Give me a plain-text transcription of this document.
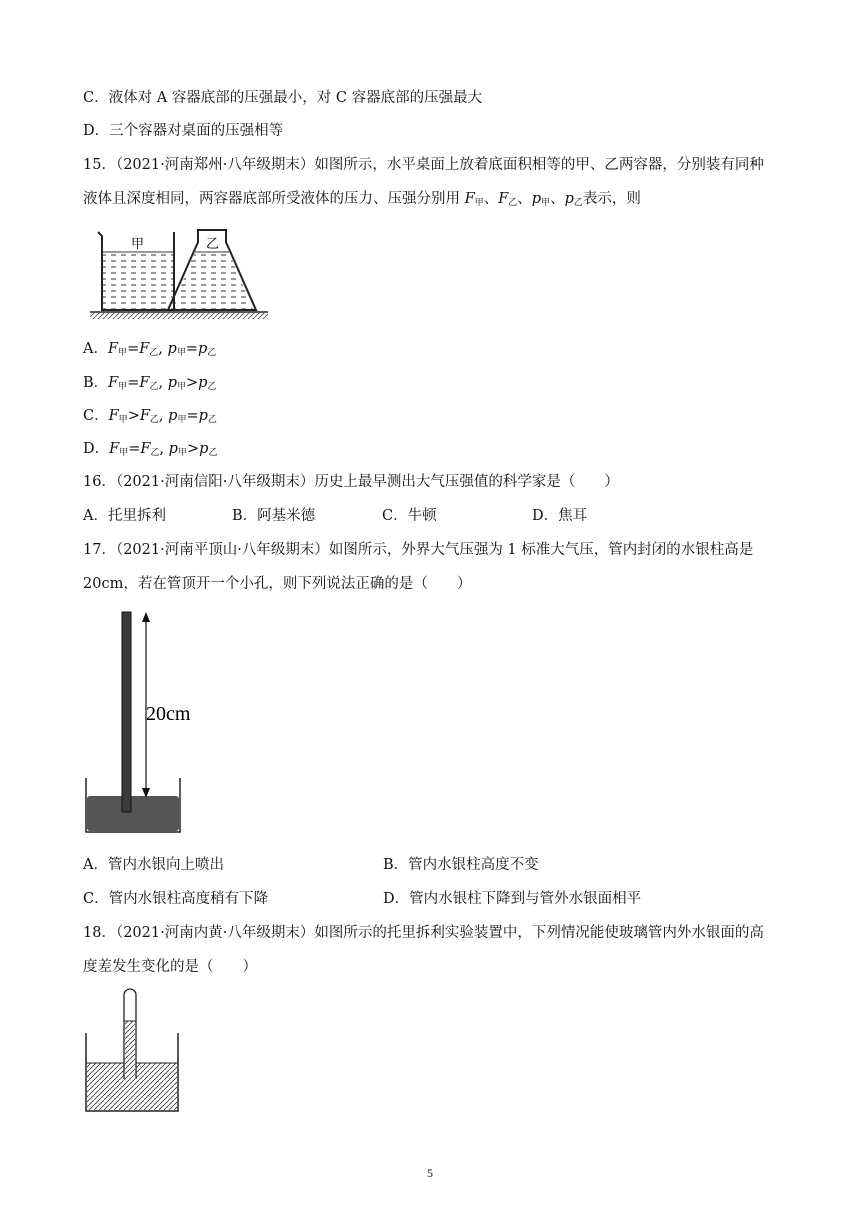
C．液体对 A 容器底部的压强最小，对 C 容器底部的压强最大
D．三个容器对桌面的压强相等
15．（2021·河南郑州·八年级期末）如图所示，水平桌面上放着底面积相等的甲、乙两容器，分别装有同种
液体且深度相同，两容器底部所受液体的压力、压强分别用 $F_甲$、$F_乙$、$p_甲$、$p_乙$表示，则
甲	乙
A．$F_甲=F_乙$, $p_甲=p_乙$
B．$F_甲=F_乙$, $p_甲>p_乙$
C．$F_甲>F_乙$, $p_甲=p_乙$
D．$F_甲=F_乙$, $p_甲>p_乙$
16．（2021·河南信阳·八年级期末）历史上最早测出大气压强值的科学家是（　　）
A．托里拆利	B．阿基米德	C．牛顿	D．焦耳
17．（2021·河南平顶山·八年级期末）如图所示，外界大气压强为 1 标准大气压，管内封闭的水银柱高是
20cm，若在管顶开一个小孔，则下列说法正确的是（　　）
20cm
A．管内水银向上喷出	B．管内水银柱高度不变
C．管内水银柱高度稍有下降	D．管内水银柱下降到与管外水银面相平
18．（2021·河南内黄·八年级期末）如图所示的托里拆利实验装置中，下列情况能使玻璃管内外水银面的高
度差发生变化的是（　　）
5
